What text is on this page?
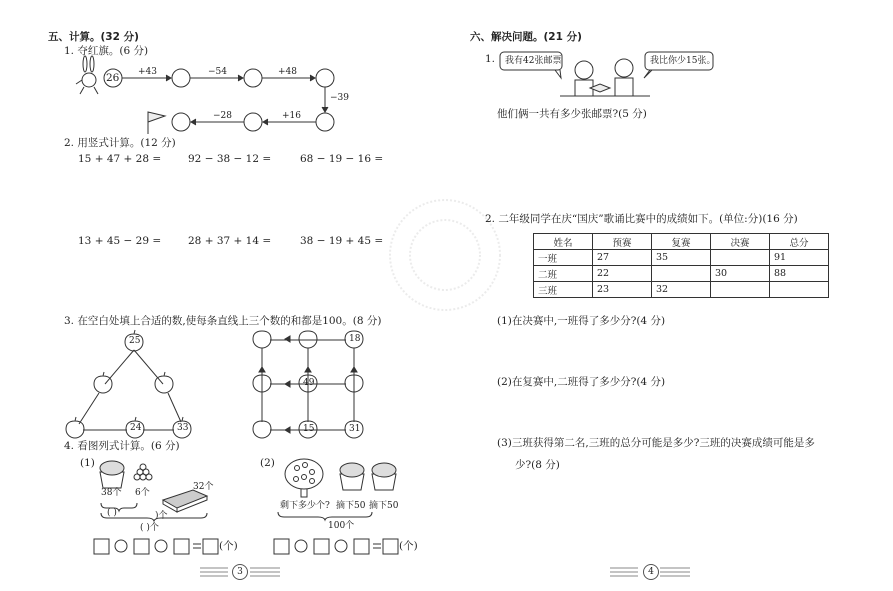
五、计算。(32 分)
1. 夺红旗。(6 分)
26 +43	−54	+48
−39
+16
−28
2. 用竖式计算。(12 分)
15 + 47 + 28 =	92 − 38 − 12 =	68 − 19 − 16 =
13 + 45 − 29 =	28 + 37 + 14 =	38 − 19 + 45 =
3. 在空白处填上合适的数,使每条直线上三个数的和都是100。(8 分)
25
24	33
18
49
15	31
4. 看图列式计算。(6 分)
(1)
38个 6个
32个
( )	)个
( )个
(2)
剩下多少个? 摘下50 摘下50
100个
(个)	(个)
3
六、解决问题。(21 分)
1. 我有42张邮票	我比你少15张。
他们俩一共有多少张邮票?(5 分)
2. 二年级同学在庆“国庆”歌诵比赛中的成绩如下。(单位:分)(16 分)
姓名	预赛	复赛	决赛	总分
一班	27	35		91
二班	22		30	88
三班	23	32		
(1)在决赛中,一班得了多少分?(4 分)
(2)在复赛中,二班得了多少分?(4 分)
(3)三班获得第二名,三班的总分可能是多少?三班的决赛成绩可能是多
少?(8 分)
4
